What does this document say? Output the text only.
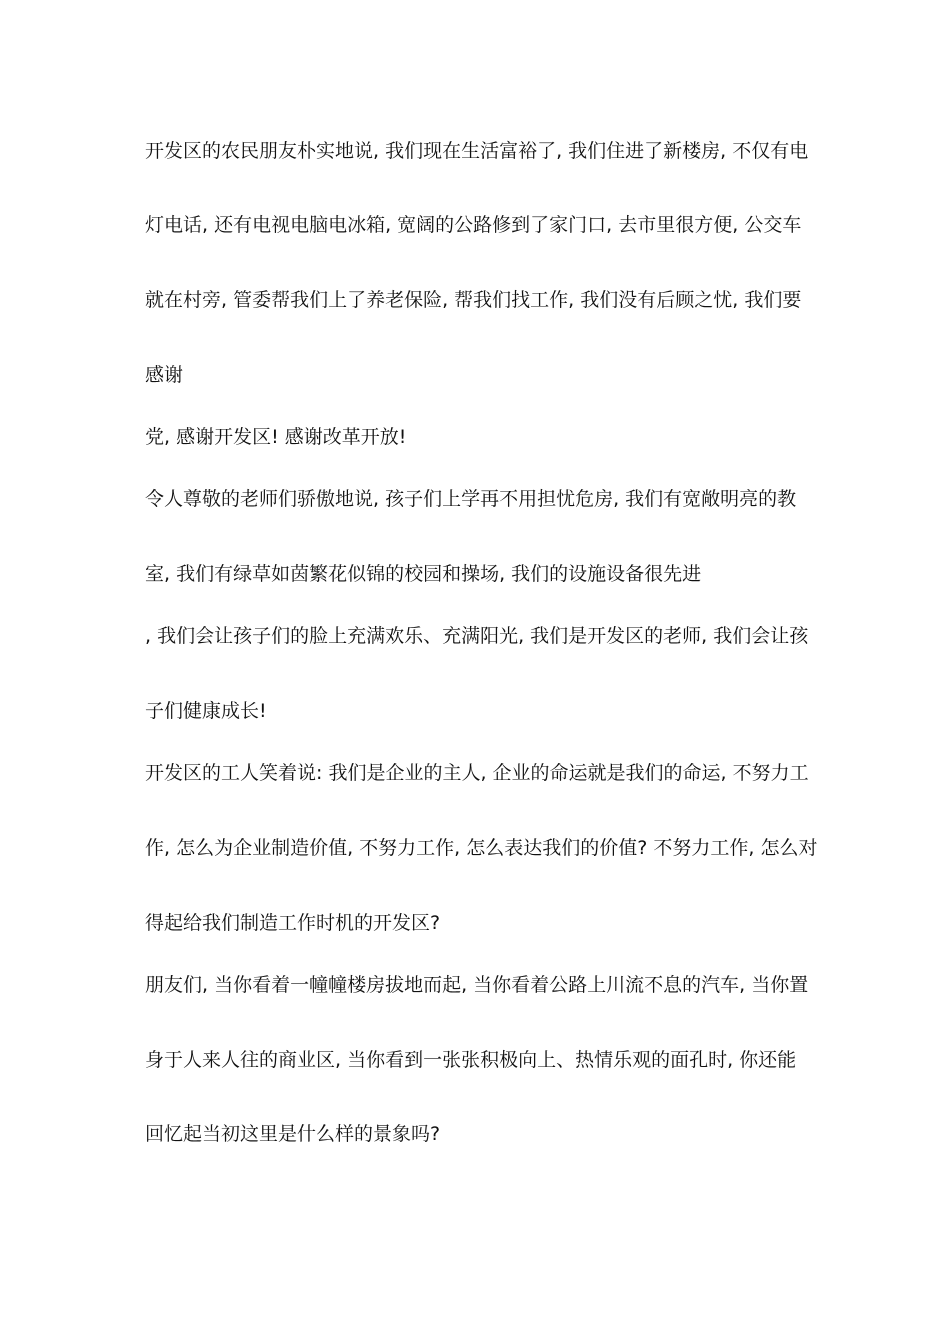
开发区的农民朋友朴实地说, 我们现在生活富裕了, 我们住进了新楼房, 不仅有电
灯电话, 还有电视电脑电冰箱, 宽阔的公路修到了家门口, 去市里很方便, 公交车
就在村旁, 管委帮我们上了养老保险, 帮我们找工作, 我们没有后顾之忧, 我们要
感谢
党, 感谢开发区! 感谢改革开放!
令人尊敬的老师们骄傲地说, 孩子们上学再不用担忧危房, 我们有宽敞明亮的教
室, 我们有绿草如茵繁花似锦的校园和操场, 我们的设施设备很先进
, 我们会让孩子们的脸上充满欢乐、充满阳光, 我们是开发区的老师, 我们会让孩
子们健康成长!
开发区的工人笑着说: 我们是企业的主人, 企业的命运就是我们的命运, 不努力工
作, 怎么为企业制造价值, 不努力工作, 怎么表达我们的价值? 不努力工作, 怎么对
得起给我们制造工作时机的开发区?
朋友们, 当你看着一幢幢楼房拔地而起, 当你看着公路上川流不息的汽车, 当你置
身于人来人往的商业区, 当你看到一张张积极向上、热情乐观的面孔时, 你还能
回忆起当初这里是什么样的景象吗?
